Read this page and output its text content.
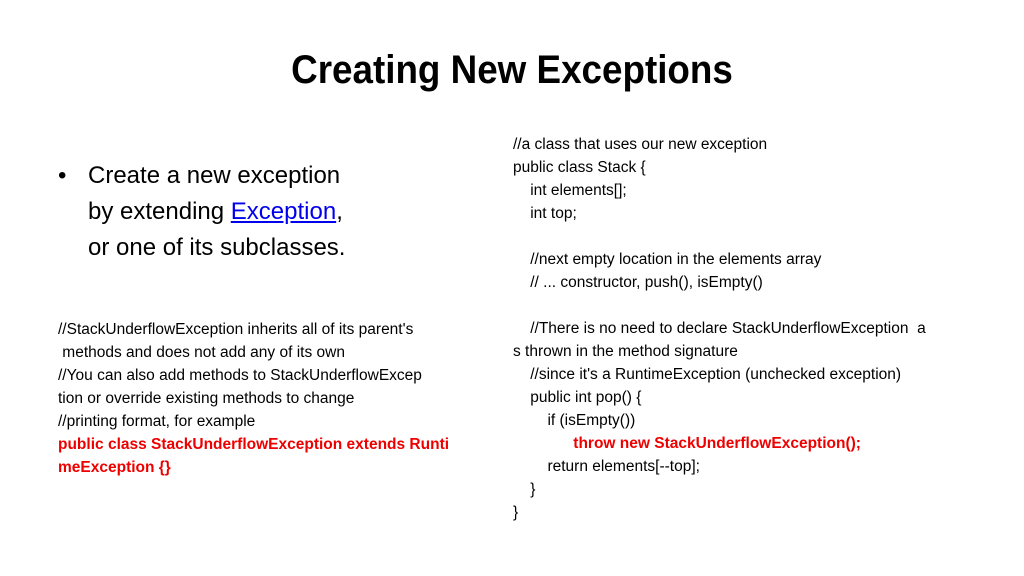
Creating New Exceptions
• Create a new exception
by extending Exception,
or one of its subclasses.
//StackUnderflowException inherits all of its parent's
methods and does not add any of its own
//You can also add methods to StackUnderflowExcep
tion or override existing methods to change
//printing format, for example
public class StackUnderflowException extends Runti
meException {}
//a class that uses our new exception
public class Stack {
int elements[];
int top;
//next empty location in the elements array
// ... constructor, push(), isEmpty()
//There is no need to declare StackUnderflowException  a
s thrown in the method signature
//since it's a RuntimeException (unchecked exception)
public int pop() {
if (isEmpty())
throw new StackUnderflowException();
return elements[--top];
}
}
